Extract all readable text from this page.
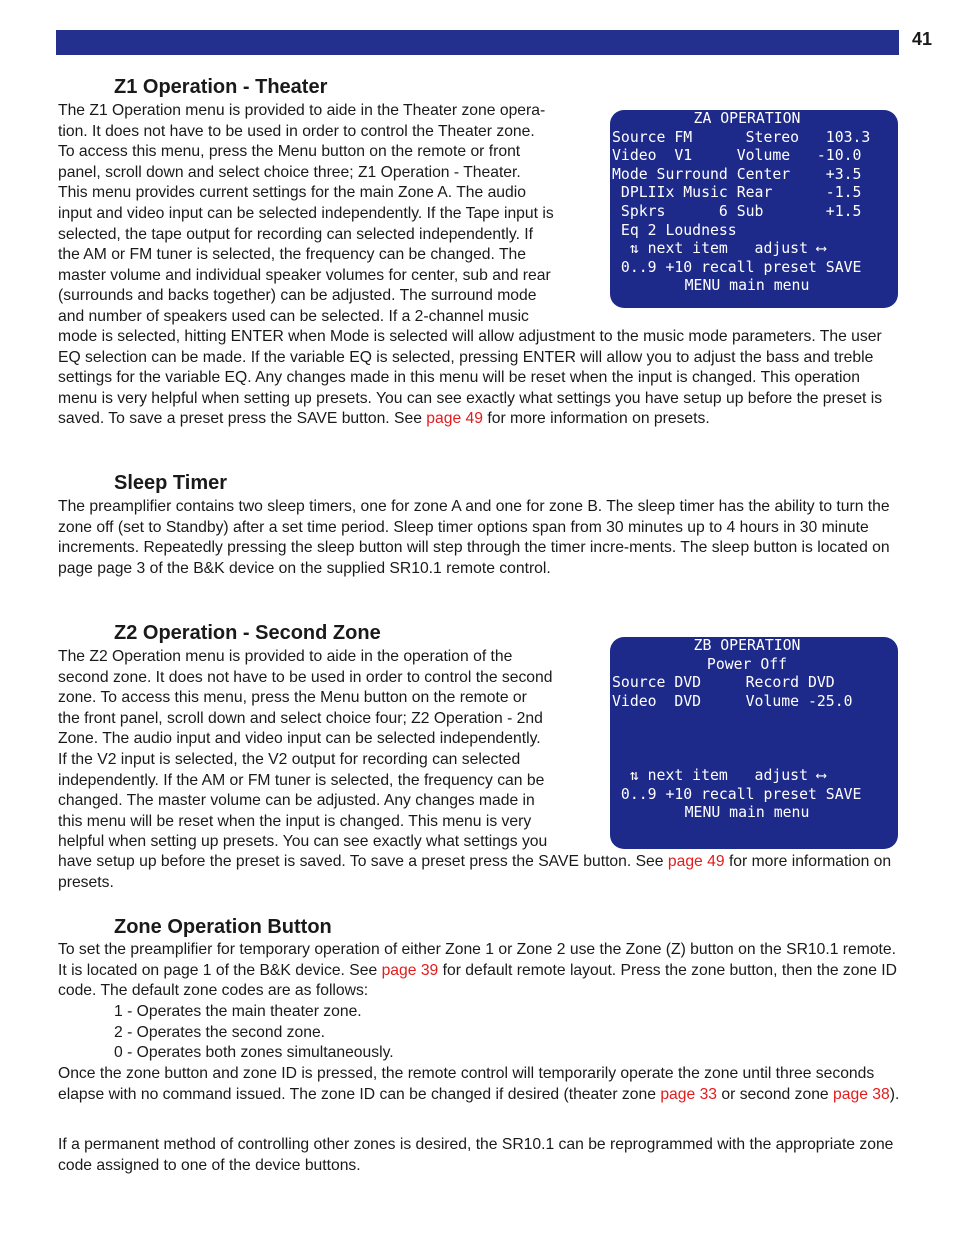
41
Z1 Operation - Theater
The Z1 Operation menu is provided to aide in the Theater zone opera-
tion. It does not have to be used in order to control the Theater zone.
To access this menu, press the Menu button on the remote or front
panel, scroll down and select choice three; Z1 Operation - Theater.
This menu provides current settings for the main Zone A. The audio
input and video input can be selected independently. If the Tape input is
selected, the tape output for recording can selected independently. If
the AM or FM tuner is selected, the frequency can be changed. The
master volume and individual speaker volumes for center, sub and rear
(surrounds and backs together) can be adjusted. The surround mode
and number of speakers used can be selected. If a 2-channel music

mode is selected, hitting ENTER when Mode is selected will allow adjustment to the music mode parameters. The user EQ selection can be made. If the variable EQ is selected, pressing ENTER will allow you to adjust the bass and treble settings for the variable EQ. Any changes made in this menu will be reset when the input is changed. This operation menu is very helpful when setting up presets. You can see exactly what settings you have setup up before the preset is saved. To save a preset press the SAVE button. See page 49 for more information on presets.

ZA OPERATION
Source FM      Stereo   103.3
Video  V1     Volume   -10.0
Mode Surround Center    +3.5
DPLIIx Music Rear      -1.5
Spkrs      6 Sub       +1.5
Eq 2 Loudness
⇅ next item   adjust ⟷
0..9 +10 recall preset SAVE
MENU main menu
Sleep Timer

The preamplifier contains two sleep timers, one for zone A and one for zone B. The sleep timer has the ability to turn the zone off (set to Standby) after a set time period. Sleep timer options span from 30 minutes up to 4 hours in 30 minute increments. Repeatedly pressing the sleep button will step through the timer incre-ments. The sleep button is located on page page 3 of the B&K device on the supplied SR10.1 remote control.

Z2 Operation - Second Zone
The Z2 Operation menu is provided to aide in the operation of the
second zone. It does not have to be used in order to control the second
zone. To access this menu, press the Menu button on the remote or
the front panel, scroll down and select choice four; Z2 Operation - 2nd
Zone. The audio input and video input can be selected independently.
If the V2 input is selected, the V2 output for recording can selected
independently. If the AM or FM tuner is selected, the frequency can be
changed. The master volume can be adjusted. Any changes made in
this menu will be reset when the input is changed. This menu is very
helpful when setting up presets. You can see exactly what settings you

have setup up before the preset is saved. To save a preset press the SAVE button. See page 49 for more information on presets.

ZB OPERATION
Power Off
Source DVD     Record DVD
Video  DVD     Volume -25.0
⇅ next item   adjust ⟷
0..9 +10 recall preset SAVE
MENU main menu
Zone Operation Button

To set the preamplifier for temporary operation of either Zone 1 or Zone 2 use the Zone (Z) button on the SR10.1 remote. It is located on page 1 of the B&K device. See page 39 for default remote layout. Press the zone button, then the zone ID code. The default zone codes are as follows:

1 - Operates the main theater zone.
2 - Operates the second zone.
0 - Operates both zones simultaneously.

Once the zone button and zone ID is pressed, the remote control will temporarily operate the zone until three seconds elapse with no command issued. The zone ID can be changed if desired (theater zone page 33 or second zone page 38).

If a permanent method of controlling other zones is desired, the SR10.1 can be reprogrammed with the appropriate zone code assigned to one of the device buttons.
